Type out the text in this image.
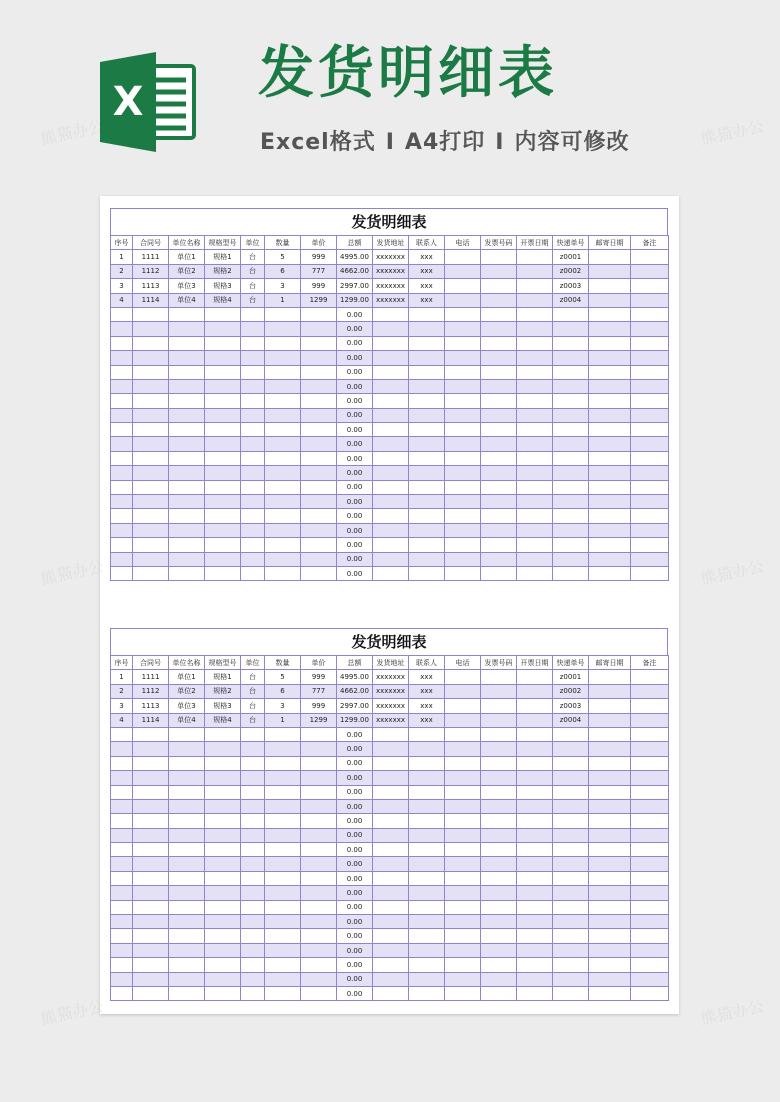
X 发货明细表
Excel格式 I A4打印 I 内容可修改
发货明细表
序号	合同号	单位名称	规格型号	单位	数量	单价	总额	发货地址	联系人	电话	发票号码	开票日期	快递单号	邮寄日期	备注
1	1111	单位1	规格1	台	5	999	4995.00	xxxxxxx	xxx				z0001		
2	1112	单位2	规格2	台	6	777	4662.00	xxxxxxx	xxx				z0002		
3	1113	单位3	规格3	台	3	999	2997.00	xxxxxxx	xxx				z0003		
4	1114	单位4	规格4	台	1	1299	1299.00	xxxxxxx	xxx				z0004		
							0.00								
							0.00								
							0.00								
							0.00								
							0.00								
							0.00								
							0.00								
							0.00								
							0.00								
							0.00								
							0.00								
							0.00								
							0.00								
							0.00								
							0.00								
							0.00								
							0.00								
							0.00								
							0.00								
发货明细表
序号	合同号	单位名称	规格型号	单位	数量	单价	总额	发货地址	联系人	电话	发票号码	开票日期	快递单号	邮寄日期	备注
1	1111	单位1	规格1	台	5	999	4995.00	xxxxxxx	xxx				z0001		
2	1112	单位2	规格2	台	6	777	4662.00	xxxxxxx	xxx				z0002		
3	1113	单位3	规格3	台	3	999	2997.00	xxxxxxx	xxx				z0003		
4	1114	单位4	规格4	台	1	1299	1299.00	xxxxxxx	xxx				z0004		
							0.00								
							0.00								
							0.00								
							0.00								
							0.00								
							0.00								
							0.00								
							0.00								
							0.00								
							0.00								
							0.00								
							0.00								
							0.00								
							0.00								
							0.00								
							0.00								
							0.00								
							0.00								
							0.00								
熊猫办公	熊猫办公
熊猫办公	熊猫办公
熊猫办公	熊猫办公
